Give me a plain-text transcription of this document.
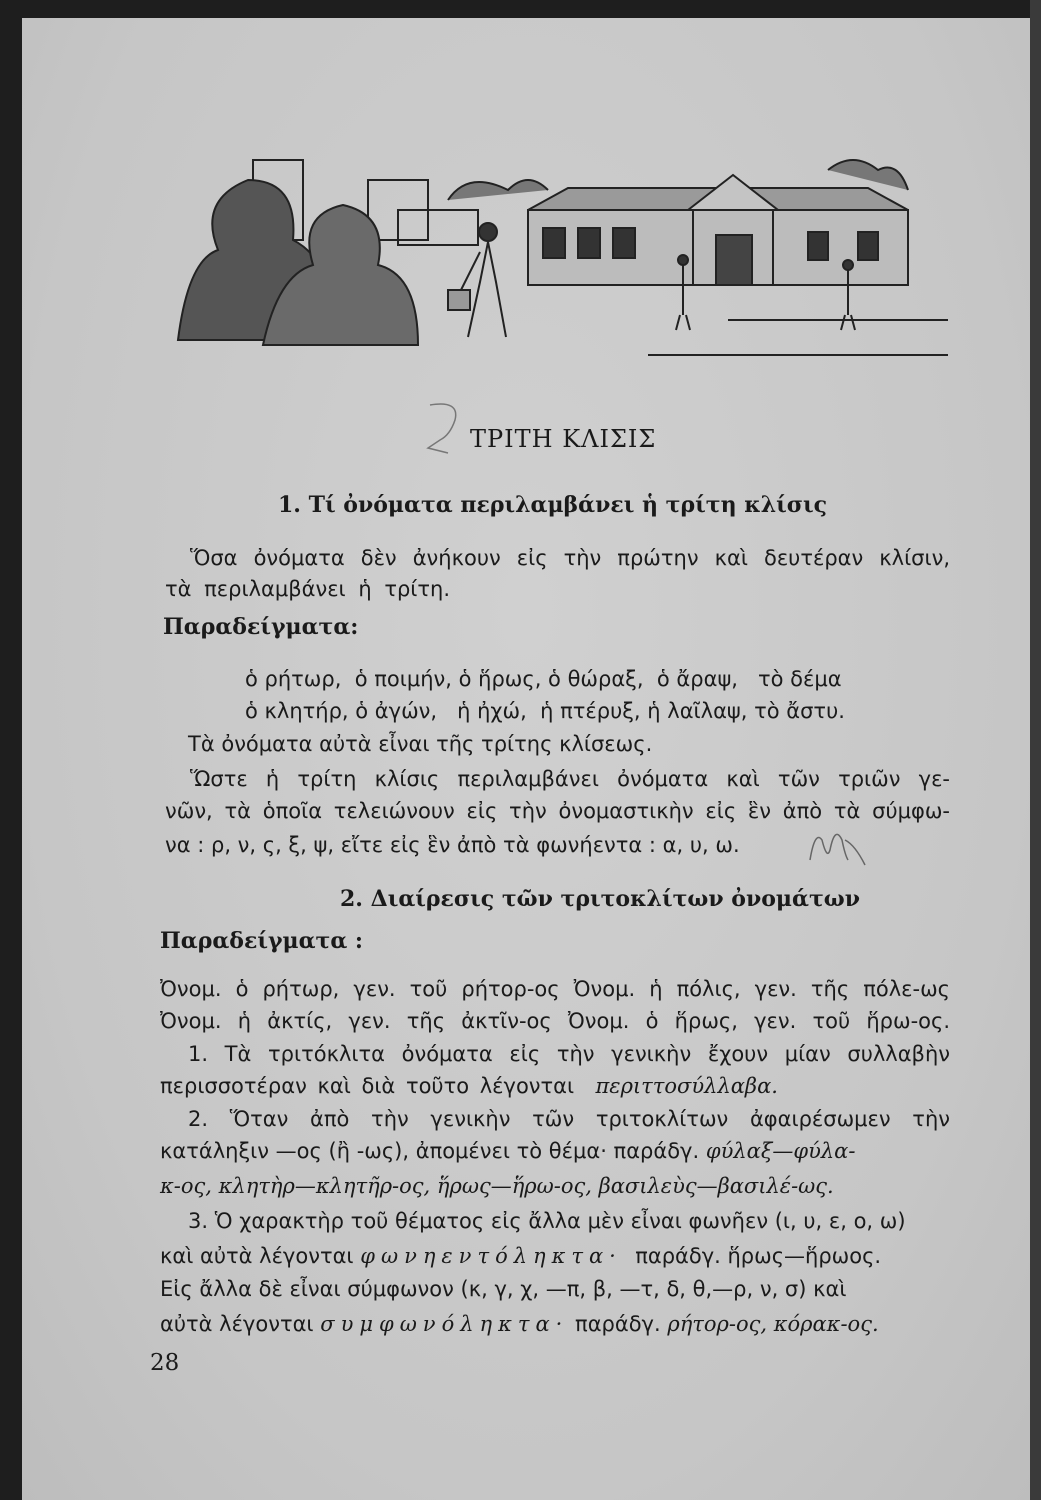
ΤΡΙΤΗ ΚΛΙΣΙΣ
1. Τί ὀνόματα περιλαμβάνει ἡ τρίτη κλίσις
Ὅσα ὀνόματα δὲν ἀνήκουν εἰς τὴν πρώτην καὶ δευτέραν κλίσιν,
τὰ περιλαμβάνει ἡ τρίτη.
Παραδείγματα:
ὁ ρήτωρ,  ὁ ποιμήν, ὁ ἥρως, ὁ θώραξ,  ὁ ἄραψ,   τὸ δέμα
ὁ κλητήρ, ὁ ἀγών,   ἡ ἠχώ,  ἡ πτέρυξ, ἡ λαῖλαψ, τὸ ἄστυ.
Τὰ ὀνόματα αὐτὰ εἶναι τῆς τρίτης κλίσεως.
Ὥστε ἡ τρίτη κλίσις περιλαμβάνει ὀνόματα καὶ τῶν τριῶν γε-
νῶν, τὰ ὁποῖα τελειώνουν εἰς τὴν ὀνομαστικὴν εἰς ἓν ἀπὸ τὰ σύμφω-
να : ρ, ν, ς, ξ, ψ, εἴτε εἰς ἓν ἀπὸ τὰ φωνήεντα : α, υ, ω.
2. Διαίρεσις τῶν τριτοκλίτων ὀνομάτων
Παραδείγματα :
Ὀνομ. ὁ ρήτωρ, γεν. τοῦ ρήτορ-ος Ὀνομ. ἡ πόλις, γεν. τῆς πόλε-ως
Ὀνομ. ἡ ἀκτίς, γεν. τῆς ἀκτῖν-ος Ὀνομ. ὁ ἥρως, γεν. τοῦ ἥρω-ος.
1. Τὰ τριτόκλιτα ὀνόματα εἰς τὴν γενικὴν ἔχουν μίαν συλλαβὴν
περισσοτέραν καὶ διὰ τοῦτο λέγονται περιττοσύλλαβα.
2. Ὅταν ἀπὸ τὴν γενικὴν τῶν τριτοκλίτων ἀφαιρέσωμεν τὴν
κατάληξιν —ος (ἢ -ως), ἀπομένει τὸ θέμα· παράδγ. φύλαξ—φύλα-
κ-ος, κλητὴρ—κλητῆρ-ος, ἥρως—ἥρω-ος, βασιλεὺς—βασιλέ-ως.
3. Ὁ χαρακτὴρ τοῦ θέματος εἰς ἄλλα μὲν εἶναι φωνῆεν (ι, υ, ε, ο, ω)
καὶ αὐτὰ λέγονται φωνηεντόληκτα· παράδγ. ἥρως—ἥρωος.
Εἰς ἄλλα δὲ εἶναι σύμφωνον (κ, γ, χ, —π, β, —τ, δ, θ,—ρ, ν, σ) καὶ
αὐτὰ λέγονται συμφωνόληκτα· παράδγ. ρήτορ-ος, κόρακ-ος.
28
